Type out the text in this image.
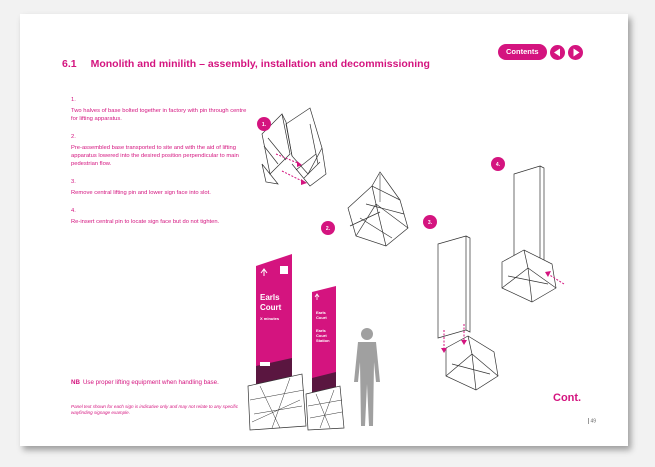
6.1 Monolith and minilith – assembly, installation and decommissioning
Contents
1.
Two halves of base bolted together in factory with pin through centre for lifting apparatus.
2.
Pre-assembled base transported to site and with the aid of lifting apparatus lowered into the desired position perpendicular to main pedestrian flow.
3.
Remove central lifting pin and lower sign face into slot.
4.
Re-insert central pin to locate sign face but do not tighten.
NB Use proper lifting equipment when handling base.
Panel text shown for each sign is indicative only and may not relate to any specific wayfinding signage example.
Cont.
49
1.
2.
3.
4.
Earls
Court
X minutes
Earls
Court
Earls
Court
Station
